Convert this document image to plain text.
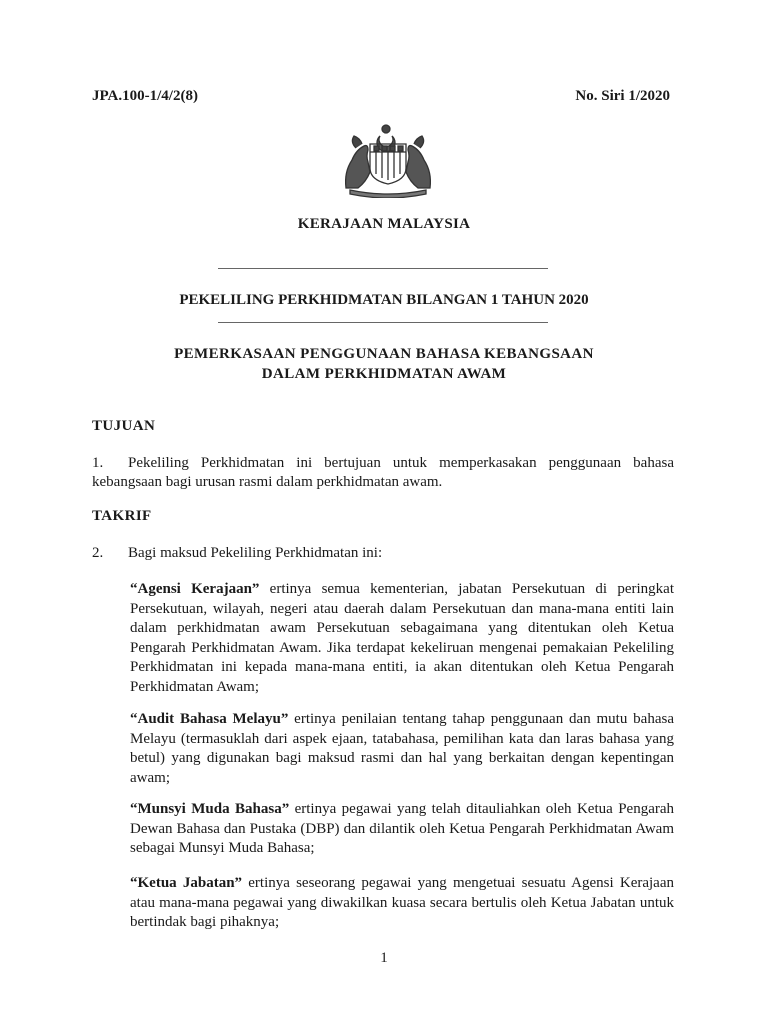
JPA.100-1/4/2(8)	No. Siri 1/2020
KERAJAAN MALAYSIA
PEKELILING PERKHIDMATAN BILANGAN 1 TAHUN 2020
PEMERKASAAN PENGGUNAAN BAHASA KEBANGSAAN
DALAM PERKHIDMATAN AWAM
TUJUAN
1. Pekeliling Perkhidmatan ini bertujuan untuk memperkasakan penggunaan bahasa kebangsaan bagi urusan rasmi dalam perkhidmatan awam.
TAKRIF
2. Bagi maksud Pekeliling Perkhidmatan ini:
“Agensi Kerajaan” ertinya semua kementerian, jabatan Persekutuan di peringkat Persekutuan, wilayah, negeri atau daerah dalam Persekutuan dan mana-mana entiti lain dalam perkhidmatan awam Persekutuan sebagaimana yang ditentukan oleh Ketua Pengarah Perkhidmatan Awam. Jika terdapat kekeliruan mengenai pemakaian Pekeliling Perkhidmatan ini kepada mana-mana entiti, ia akan ditentukan oleh Ketua Pengarah Perkhidmatan Awam;
“Audit Bahasa Melayu” ertinya penilaian tentang tahap penggunaan dan mutu bahasa Melayu (termasuklah dari aspek ejaan, tatabahasa, pemilihan kata dan laras bahasa yang betul) yang digunakan bagi maksud rasmi dan hal yang berkaitan dengan kepentingan awam;
“Munsyi Muda Bahasa” ertinya pegawai yang telah ditauliahkan oleh Ketua Pengarah Dewan Bahasa dan Pustaka (DBP) dan dilantik oleh Ketua Pengarah Perkhidmatan Awam sebagai Munsyi Muda Bahasa;
“Ketua Jabatan” ertinya seseorang pegawai yang mengetuai sesuatu Agensi Kerajaan atau mana-mana pegawai yang diwakilkan kuasa secara bertulis oleh Ketua Jabatan untuk bertindak bagi pihaknya;
1
